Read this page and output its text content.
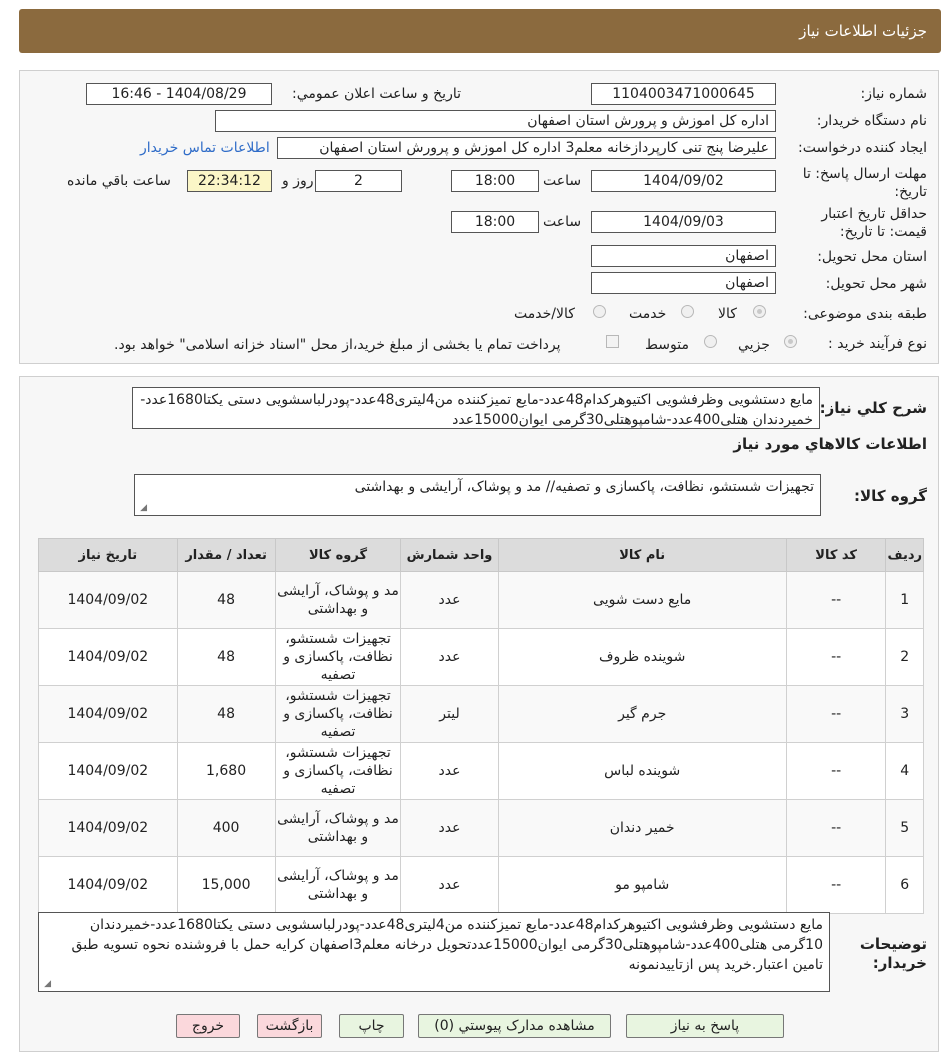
جزئیات اطلاعات نیاز
شماره نیاز:
1104003471000645
تاریخ و ساعت اعلان عمومي:
1404/08/29 - 16:46
نام دستگاه خریدار:
اداره کل اموزش و پرورش استان اصفهان
ایجاد کننده درخواست:
علیرضا پنج تنی کارپردازخانه معلم3 اداره کل اموزش و پرورش استان اصفهان
اطلاعات تماس خریدار
مهلت ارسال پاسخ: تا
تاریخ:
1404/09/02
ساعت
18:00
2
روز و
22:34:12
ساعت باقي مانده
حداقل تاريخ اعتبار
قیمت: تا تاریخ:
1404/09/03
ساعت
18:00
استان محل تحویل:
اصفهان
شهر محل تحویل:
اصفهان
طبقه بندی موضوعی:
کالا
خدمت
کالا/خدمت
نوع فرآیند خرید :
جزیي
متوسط
پرداخت تمام یا بخشی از مبلغ خرید،از محل "اسناد خزانه اسلامی" خواهد بود.
شرح کلي نیاز:
مایع دستشویی وظرفشویی اکتیوهرکدام48عدد-مایع تمیزکننده من4لیتری48عدد-پودرلباسشویی دستی یکتا1680عدد-خمیردندان هتلی400عدد-شامپوهتلی30گرمی ایوان15000عدد
اطلاعات کالاهاي مورد نیاز
گروه کالا:
تجهیزات شستشو، نظافت، پاکسازی و تصفیه// مد و پوشاک، آرایشی و بهداشتی
◢
ردیف	کد کالا	نام کالا	واحد شمارش	گروه کالا	تعداد / مقدار	تاریخ نیاز
1	--	مایع دست شویی	عدد	مد و پوشاک، آرایشی و بهداشتی	48	1404/09/02
2	--	شوینده ظروف	عدد	تجهیزات شستشو، نظافت، پاکسازی و تصفیه	48	1404/09/02
3	--	جرم گیر	لیتر	تجهیزات شستشو، نظافت، پاکسازی و تصفیه	48	1404/09/02
4	--	شوینده لباس	عدد	تجهیزات شستشو، نظافت، پاکسازی و تصفیه	1,680	1404/09/02
5	--	خمیر دندان	عدد	مد و پوشاک، آرایشی و بهداشتی	400	1404/09/02
6	--	شامپو مو	عدد	مد و پوشاک، آرایشی و بهداشتی	15,000	1404/09/02
توضیحات
خریدار:
مایع دستشویی وظرفشویی اکتیوهرکدام48عدد-مایع تمیزکننده من4لیتری48عدد-پودرلباسشویی دستی یکتا1680عدد-خمیردندان 10گرمی هتلی400عدد-شامپوهتلی30گرمی ایوان15000عددتحویل درخانه معلم3اصفهان کرایه حمل با فروشنده نحوه تسویه طبق تامین اعتبار.خرید پس ازتاییدنمونه
◢
پاسخ به نیاز
مشاهده مدارک پیوستي (0)
چاپ
بازگشت
خروج
